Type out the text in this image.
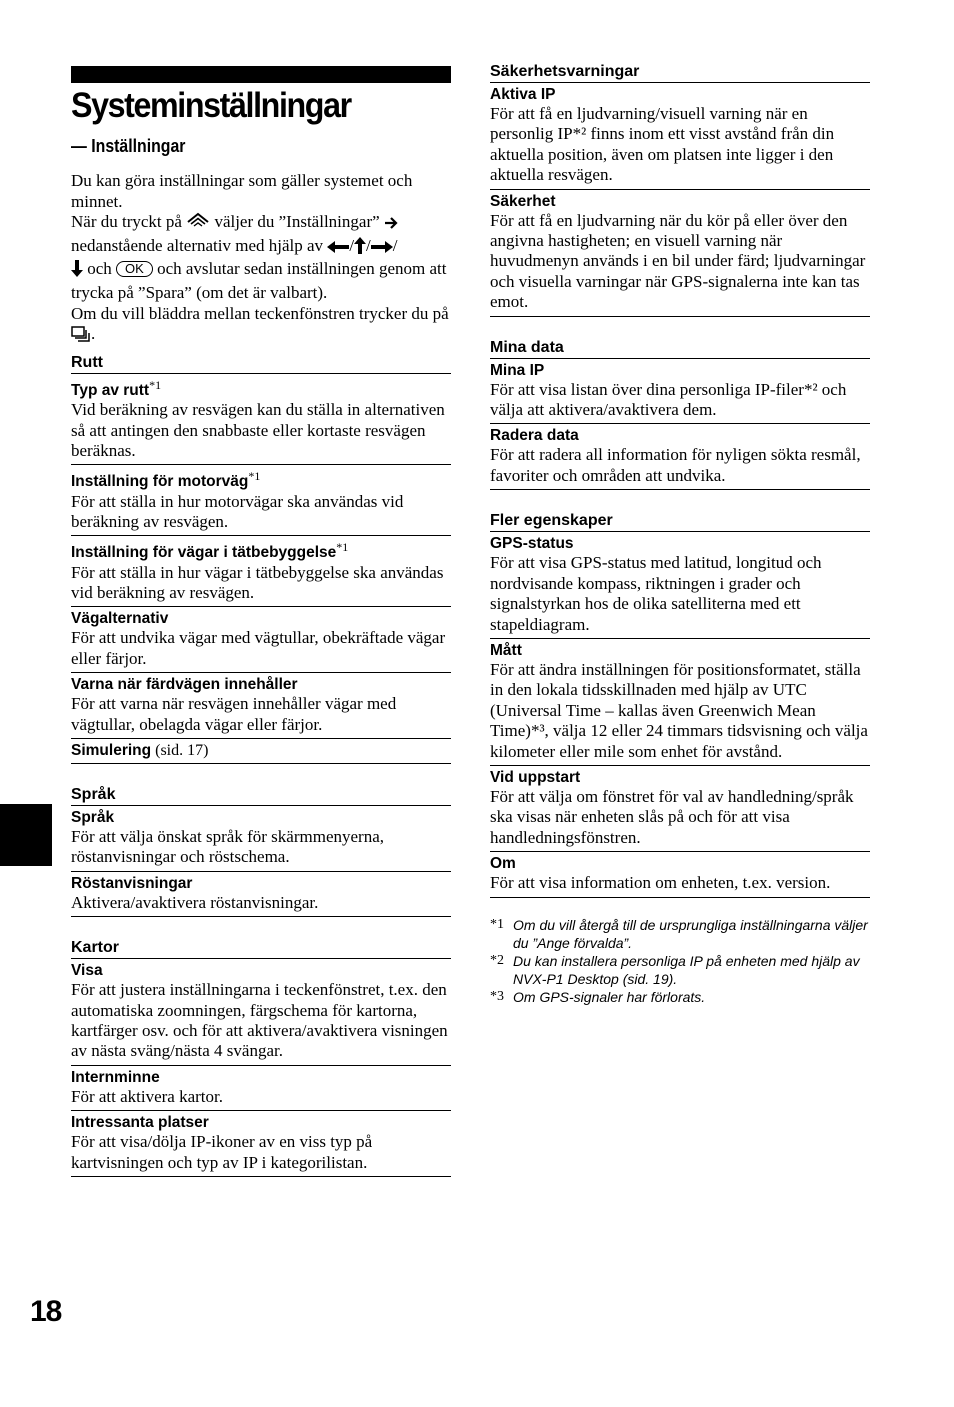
Systeminställningar
— Inställningar

Du kan göra inställningar som gäller systemet och minnet.

När du tryckt på väljer du ”Inställningar”  nedanstående alternativ med hjälp av / / /
och OK och avslutar sedan inställningen genom att trycka på ”Spara” (om det är valbart).

Om du vill bläddra mellan teckenfönstren trycker du på .

Rutt
Typ av rutt$^{*1}$
Vid beräkning av resvägen kan du ställa in alternativen så att antingen den snabbaste eller kortaste resvägen beräknas.
Inställning för motorväg$^{*1}$
För att ställa in hur motorvägar ska användas vid beräkning av resvägen.
Inställning för vägar i tätbebyggelse$^{*1}$
För att ställa in hur vägar i tätbebyggelse ska användas vid beräkning av resvägen.
Vägalternativ
För att undvika vägar med vägtullar, obekräftade vägar eller färjor.
Varna när färdvägen innehåller
För att varna när resvägen innehåller vägar med vägtullar, obelagda vägar eller färjor.
Simulering (sid. 17)
Språk
Språk
För att välja önskat språk för skärmmenyerna, röstanvisningar och röstschema.
Röstanvisningar
Aktivera/avaktivera röstanvisningar.
Kartor
Visa
För att justera inställningarna i teckenfönstret, t.ex. den automatiska zoomningen, färgschema för kartorna, kartfärger osv. och för att aktivera/avaktivera visningen av nästa sväng/nästa 4 svängar.
Internminne
För att aktivera kartor.
Intressanta platser
För att visa/dölja IP-ikoner av en viss typ på kartvisningen och typ av IP i kategorilistan.
Säkerhetsvarningar
Aktiva IP
För att få en ljudvarning/visuell varning när en personlig IP*² finns inom ett visst avstånd från din aktuella position, även om platsen inte ligger i den aktuella resvägen.
Säkerhet
För att få en ljudvarning när du kör på eller över den angivna hastigheten; en visuell varning när huvudmenyn används i en bil under färd; ljudvarningar och visuella varningar när GPS-signalerna inte kan tas emot.
Mina data
Mina IP
För att visa listan över dina personliga IP-filer*² och välja att aktivera/avaktivera dem.
Radera data
För att radera all information för nyligen sökta resmål, favoriter och områden att undvika.
Fler egenskaper
GPS-status
För att visa GPS-status med latitud, longitud och nordvisande kompass, riktningen i grader och signalstyrkan hos de olika satelliterna med ett stapeldiagram.
Mått
För att ändra inställningen för positionsformatet, ställa in den lokala tidsskillnaden med hjälp av UTC (Universal Time – kallas även Greenwich Mean Time)*³, välja 12 eller 24 timmars tidsvisning och välja kilometer eller mile som enhet för avstånd.
Vid uppstart
För att välja om fönstret för val av handledning/språk ska visas när enheten slås på och för att visa handledningsfönstren.
Om
För att visa information om enheten, t.ex. version.
*1 Om du vill återgå till de ursprungliga inställningarna väljer du ”Ange förvalda”.
*2 Du kan installera personliga IP på enheten med hjälp av NVX-P1 Desktop (sid. 19).
*3 Om GPS-signaler har förlorats.
18
